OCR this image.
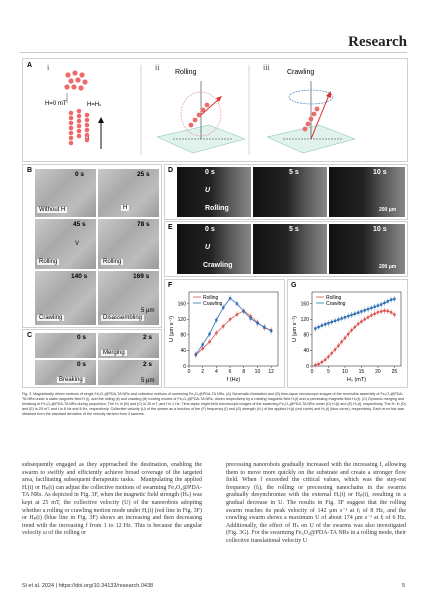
Research
A i	ii	iii
H=0 mT	H=Hₛ
Rolling	Crawling
B
0 s	25 s
45 s	78 s
140 s	169 s
Without H	H
Rolling	Rolling
Crawling	Disassembling
V
5 μm
C	0 s	2 s
0 s	2 s
Merging
Breaking	5 μm
D	0 s	5 s	10 s
U
Rolling	200 μm
E	0 s	5 s	10 s
U
Crawling	200 μm
F
0 2 4 6 8 10 12
0
40
80
120
160
f (Hz)
U (μm s⁻¹)
Rolling
Crawling
G
0	5 10 15 20 25
0
40
80
120
160
Hₛ (mT)
U (μm s⁻¹)
Rolling
Crawling
Fig. 3. Magnetically driven motions of single Fe₃O₄@PDA-TA NRs and collective motions of swarming Fe₃O₄@PDA-TA NRs. (A) Schematic illustration and (B) time-lapse microscopic images of the reversible assembly of Fe₃O₄@PDA-TA NRs under a static magnetic field H (i), and the rolling (ii) and crawling (iii) moving modes of Fe₃O₄@PDA-TA NRs, driven respectively by a rotating magnetic field Hᵣ(t) and a precessing magnetic field Hₚ(t). (C) Dynamic merging and breaking of Fe₃O₄@PDA-TA NRs during propulsion. The Hₛ in (B) and (C) is 25 mT, and f is 1 Hz. Time-lapse bright-field microscopic images of the swarming Fe₃O₄@PDA-TA NRs under (D) Hᵣ(t) and (E) Hₚ(t), respectively. The Hₛ in (D) and (E) is 25 mT, and f is 8 Hz and 6 Hz, respectively. Collective velocity (U) of the swarm as a function of the (F) frequency (f) and (G) strength (Hₛ) of the applied Hᵣ(t) (red curve) and Hₚ(t) (blue curve), respectively. Each error bar was obtained from the standard deviation of the velocity derived from 3 swarms.
subsequently engaged as they approached the destination, enabling the swarm to swiftly and efficiently achieve broad coverage of the targeted area, facilitating subsequent therapeutic tasks. Manipulating the applied Hᵣ(t) or Hₚ(t) can adjust the collective motions of swarming Fe₃O₄@PDA-TA NRs. As depicted in Fig. 3F, when the magnetic field strength (Hₛ) was kept at 25 mT, the collective velocity (U) of the nanorobots adopting whether a rolling or crawling motion mode under Hᵣ(t) (red line in Fig. 3F) or Hₚ(t) (blue line in Fig. 3F) shows an increasing and then decreasing trend with the increasing f from 1 to 12 Hz. This is because the angular velocity ω of the rolling or
precessing nanorobots gradually increased with the increasing f, allowing them to move more quickly on the substrate and create a stronger flow field. When f exceeded the critical values, which was the step-out frequency (fⱼ), the rolling or precessing nanochains in the swarms gradually desynchronize with the external Hᵣ(t) or Hₚ(t), resulting in a gradual decrease in U. The results in Fig. 3F suggest that the rolling swarm reaches its peak velocity of 142 μm s⁻¹ at fⱼ of 8 Hz, and the crawling swarm shows a maximum U of about 174 μm s⁻¹ at fⱼ of 6 Hz. Additionally, the effect of Hₛ on U of the swarms was also investigated (Fig. 3G). For the swarming Fe₃O₄@PDA-TA NRs in a rolling mode, their collective translational velocity U
Si et al. 2024 | https://doi.org/10.34133/research.0438	5
